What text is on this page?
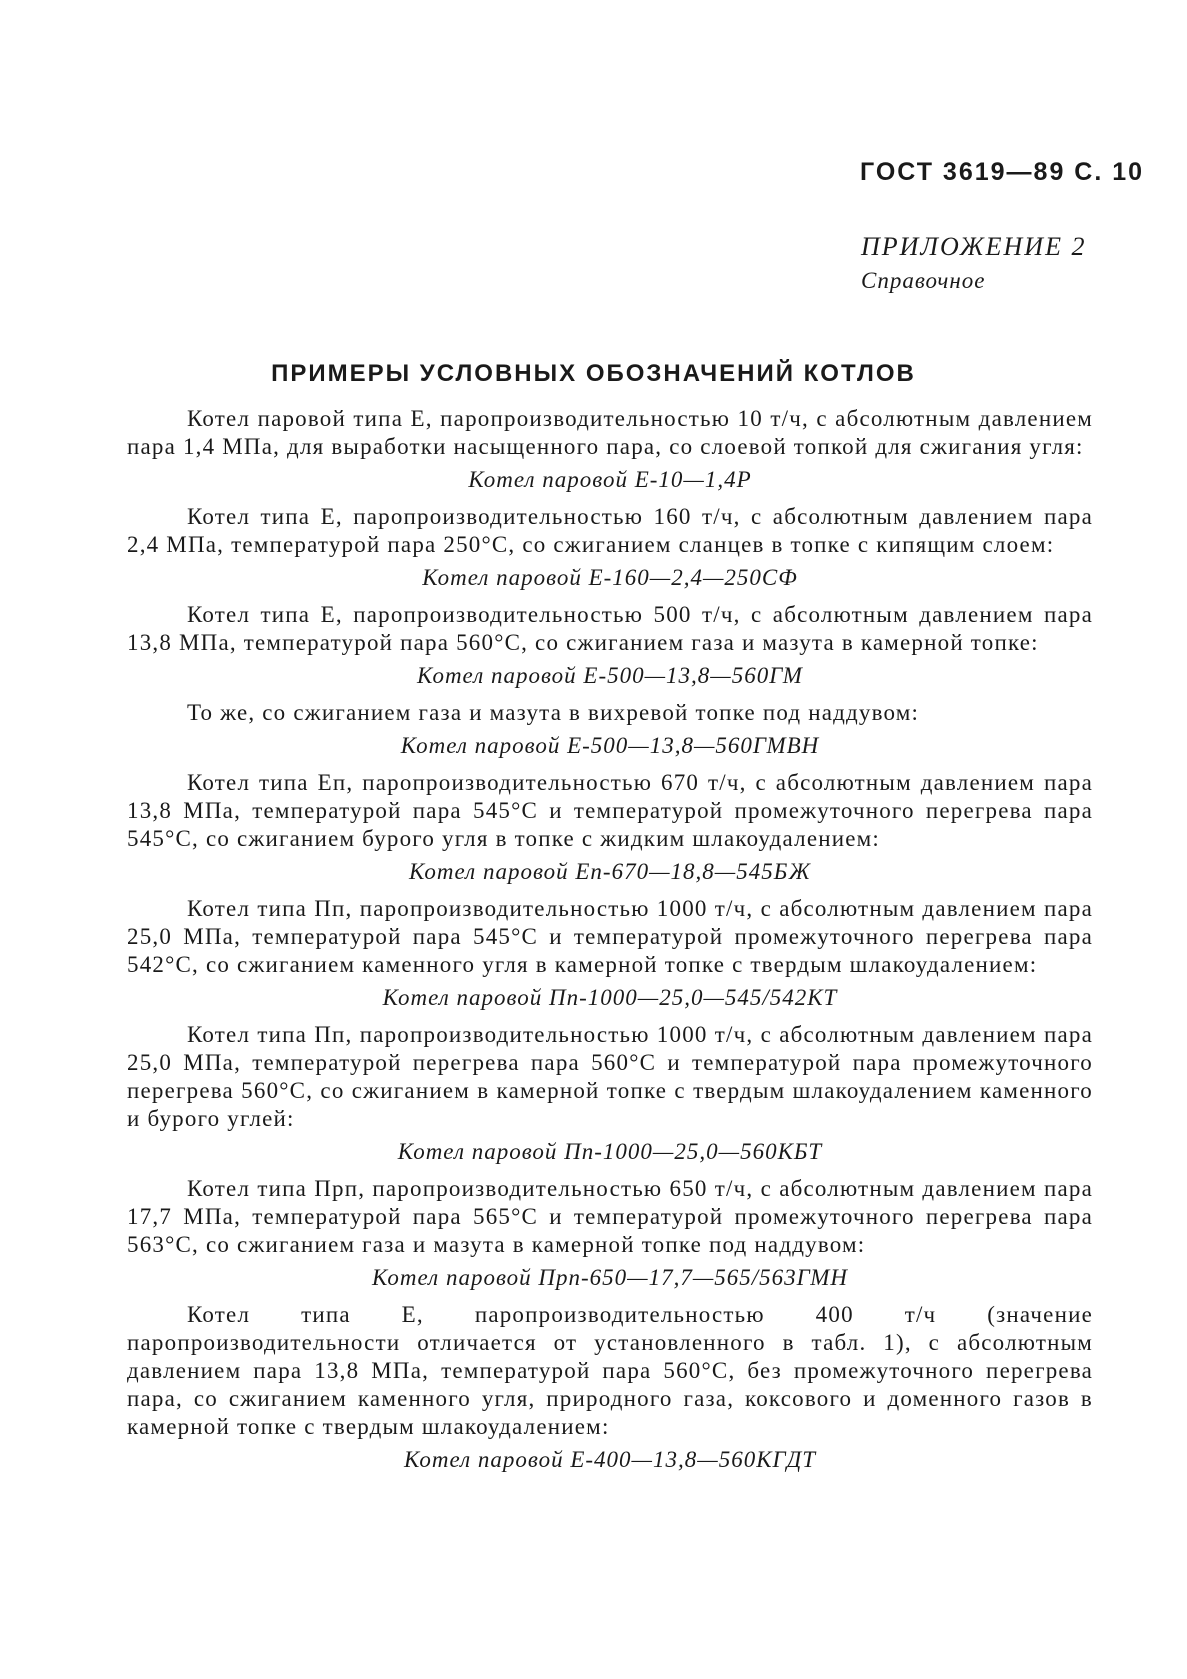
ГОСТ 3619—89 С. 10
ПРИЛОЖЕНИЕ 2
Справочное
ПРИМЕРЫ УСЛОВНЫХ ОБОЗНАЧЕНИЙ КОТЛОВ

Котел паровой типа Е, паропроизводительностью 10 т/ч, с абсолютным давлением пара 1,4 МПа, для выработки насыщенного пара, со слоевой топкой для сжигания угля:

Котел паровой Е-10—1,4Р

Котел типа Е, паропроизводительностью 160 т/ч, с абсолютным давлением пара 2,4 МПа, температурой пара 250°С, со сжиганием сланцев в топке с кипящим слоем:

Котел паровой Е-160—2,4—250СФ

Котел типа Е, паропроизводительностью 500 т/ч, с абсолютным давлением пара 13,8 МПа, температурой пара 560°С, со сжиганием газа и мазута в камерной топке:

Котел паровой Е-500—13,8—560ГМ

То же, со сжиганием газа и мазута в вихревой топке под наддувом:

Котел паровой Е-500—13,8—560ГМВН

Котел типа Еп, паропроизводительностью 670 т/ч, с абсолютным давлением пара 13,8 МПа, температурой пара 545°С и температурой промежуточного перегрева пара 545°С, со сжиганием бурого угля в топке с жидким шлакоудалением:

Котел паровой Еп-670—18,8—545БЖ

Котел типа Пп, паропроизводительностью 1000 т/ч, с абсолютным давлением пара 25,0 МПа, температурой пара 545°С и температурой промежуточного перегрева пара 542°С, со сжиганием каменного угля в камерной топке с твердым шлакоудалением:

Котел паровой Пп-1000—25,0—545/542КТ

Котел типа Пп, паропроизводительностью 1000 т/ч, с абсолютным давлением пара 25,0 МПа, температурой перегрева пара 560°С и температурой пара промежуточного перегрева 560°С, со сжиганием в камерной топке с твердым шлакоудалением каменного и бурого углей:

Котел паровой Пп-1000—25,0—560КБТ

Котел типа Прп, паропроизводительностью 650 т/ч, с абсолютным давлением пара 17,7 МПа, температурой пара 565°С и температурой промежуточного перегрева пара 563°С, со сжиганием газа и мазута в камерной топке под наддувом:

Котел паровой Прп-650—17,7—565/563ГМН

Котел типа Е, паропроизводительностью 400 т/ч (значение паропроизводительности отличается от установленного в табл. 1), с абсолютным давлением пара 13,8 МПа, температурой пара 560°С, без промежуточного перегрева пара, со сжиганием каменного угля, природного газа, коксового и доменного газов в камерной топке с твердым шлакоудалением:

Котел паровой Е-400—13,8—560КГДТ
